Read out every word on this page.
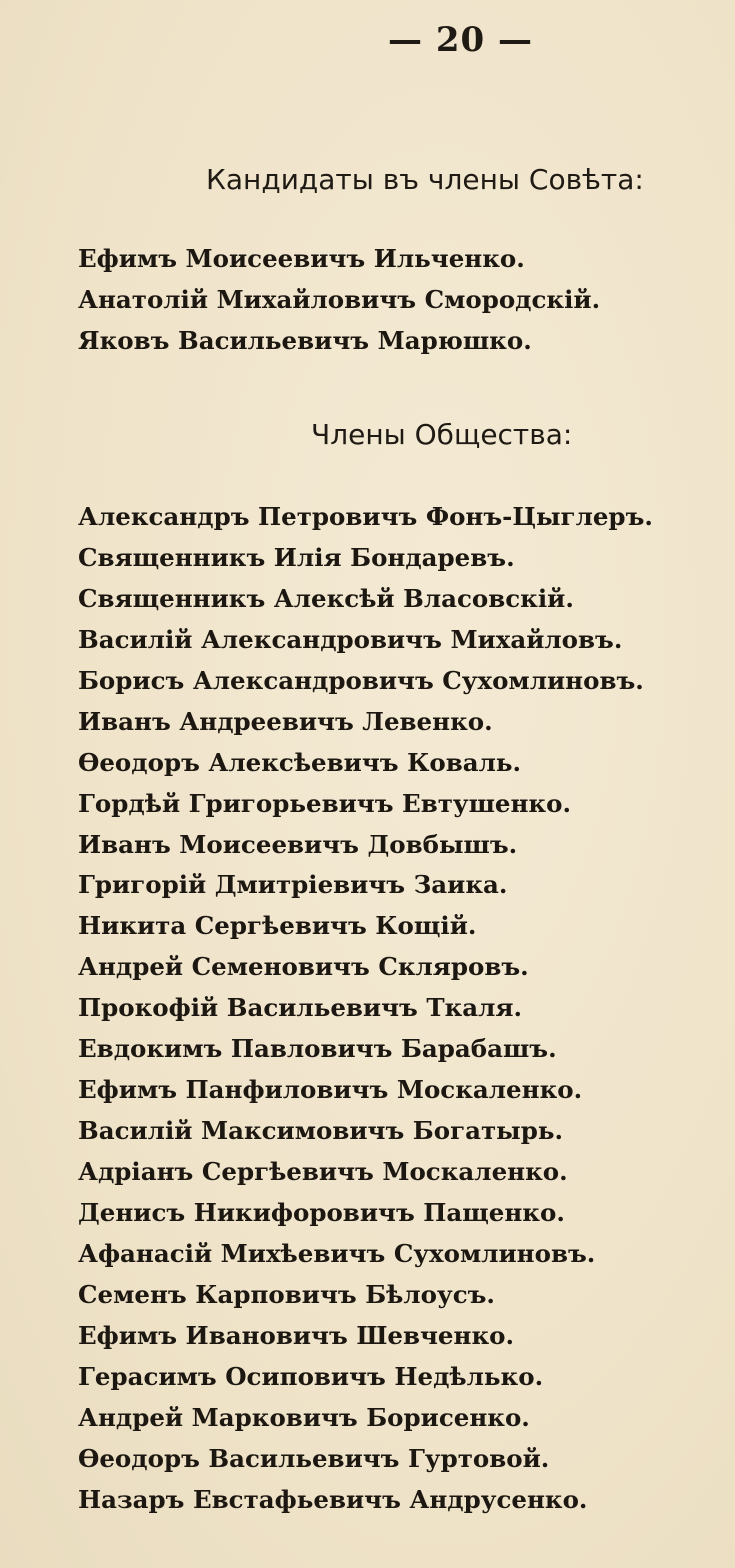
— 20 —
Кандидаты въ члены Совѣта:
Ефимъ Моисеевичъ Ильченко.
Анатолій Михайловичъ Смородскій.
Яковъ Васильевичъ Марюшко.
Члены Общества:
Александръ Петровичъ Фонъ-Цыглеръ.
Священникъ Илія Бондаревъ.
Священникъ Алексѣй Власовскій.
Василій Александровичъ Михайловъ.
Борисъ Александровичъ Сухомлиновъ.
Иванъ Андреевичъ Левенко.
Ѳеодоръ Алексѣевичъ Коваль.
Гордѣй Григорьевичъ Евтушенко.
Иванъ Моисеевичъ Довбышъ.
Григорій Дмитріевичъ Заика.
Никита Сергѣевичъ Кощій.
Андрей Семеновичъ Скляровъ.
Прокофій Васильевичъ Ткаля.
Евдокимъ Павловичъ Барабашъ.
Ефимъ Панфиловичъ Москаленко.
Василій Максимовичъ Богатырь.
Адріанъ Сергѣевичъ Москаленко.
Денисъ Никифоровичъ Пащенко.
Афанасій Михѣевичъ Сухомлиновъ.
Семенъ Карповичъ Бѣлоусъ.
Ефимъ Ивановичъ Шевченко.
Герасимъ Осиповичъ Недѣлько.
Андрей Марковичъ Борисенко.
Ѳеодоръ Васильевичъ Гуртовой.
Назаръ Евстафьевичъ Андрусенко.
